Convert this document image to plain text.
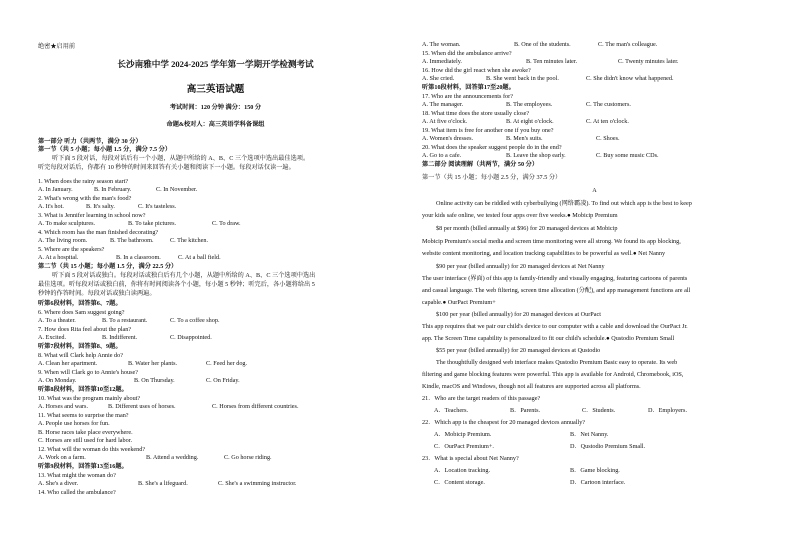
绝密★启用前
长沙南雅中学 2024-2025 学年第一学期开学检测考试
高三英语试题
考试时间：120 分钟 满分：150 分
命题&校对人：高三英语学科备课组
第一部分 听力（共两节，满分 30 分）
第一节（共 5 小题；每小题 1.5 分，满分 7.5 分）
听下面 5 段对话，每段对话后有一个小题，从题中所给的 A、B、C 三个选项中选出最佳选项。
听完每段对话后，你都有 10 秒钟的时间来回答有关小题和阅读下一小题。每段对话仅读一遍。
1. When does the rainy season start?
A. In January.	B. In February.	C. In November.
2. What's wrong with the man's food?
A. It's hot.	B. It's salty.	C. It's tasteless.
3. What is Jennifer learning in school now?
A. To make sculptures.	B. To take pictures.	C. To draw.
4. Which room has the man finished decorating?
A. The living room.	B. The bathroom.	C. The kitchen.
5. Where are the speakers?
A. At a hospital.	B. In a classroom.	C. At a ball field.
第二节（共 15 小题；每小题 1.5 分，满分 22.5 分）
听下面 5 段对话或独白。每段对话或独白后有几个小题，从题中所给的 A、B、C 三个选项中选出
最佳选项。听每段对话或独白前，你将有时间阅读各个小题，每小题 5 秒钟；听完后，各小题将给出 5
秒钟的作答时间。每段对话或独白读两遍。
听第6段材料，回答第6、7题。
6. Where does Sam suggest going?
A. To a theater.	B. To a restaurant.	C. To a coffee shop.
7. How does Rita feel about the plan?
A. Excited.	B. Indifferent.	C. Disappointed.
听第7段材料，回答第8、9题。
8. What will Clark help Annie do?
A. Clean her apartment.	B. Water her plants.	C. Feed her dog.
9. When will Clark go to Annie's house?
A. On Monday.	B. On Thursday.	C. On Friday.
听第8段材料，回答第10至12题。
10. What was the program mainly about?
A. Horses and wars.	B. Different uses of horses.	C. Horses from different countries.
11. What seems to surprise the man?
A. People use horses for fun.
B. Horse races take place everywhere.
C. Horses are still used for hard labor.
12. What will the woman do this weekend?
A. Work on a farm.	B. Attend a wedding.	C. Go horse riding.
听第9段材料，回答第13至16题。
13. What might the woman do?
A. She's a diver.	B. She's a lifeguard.	C. She's a swimming instructor.
14. Who called the ambulance?
A. The woman.	B. One of the students.	C. The man's colleague.
15. When did the ambulance arrive?
A. Immediately.	B. Ten minutes later.	C. Twenty minutes later.
16. How did the girl react when she awoke?
A. She cried.	B. She went back in the pool.	C. She didn't know what happened.
听第10段材料，回答第17至20题。
17. Who are the announcements for?
A. The manager.	B. The employees.	C. The customers.
18. What time does the store usually close?
A. At five o'clock.	B. At eight o'clock.	C. At ten o'clock.
19. What item is free for another one if you buy one?
A. Women's dresses.	B. Men's suits.	C. Shoes.
20. What does the speaker suggest people do in the end?
A. Go to a cafe.	B. Leave the shop early.	C. Buy some music CDs.
第二部分 阅读理解（共两节，满分 50 分）
第一节（共 15 小题；每小题 2.5 分，满分 37.5 分）
A
Online activity can be riddled with cyberbullying (网络霸凌). To find out which app is the best to keep
your kids safe online, we tested four apps over five weeks.● Mobicip Premium
$8 per month (billed annually at $96) for 20 managed devices at Mobicip
Mobicip Premium's social media and screen time monitoring were all strong. We found its app blocking,
website content monitoring, and location tracking capabilities to be powerful as well.● Net Nanny
$90 per year (billed annually) for 20 managed devices at Net Nanny
The user interface (界面) of this app is family-friendly and visually engaging, featuring cartoons of parents
and casual language. The web filtering, screen time allocation (分配), and app management functions are all
capable.● OurPact Premium+
$100 per year (billed annually) for 20 managed devices at OurPact
This app requires that we pair our child's device to our computer with a cable and download the OurPact Jr.
app. The Screen Time capability is personalized to fit our child's schedule.● Qustodio Premium Small
$55 per year (billed annually) for 20 managed devices at Qustodio
The thoughtfully designed web interface makes Qustodio Premium Basic easy to operate. Its web
filtering and game blocking features were powerful. This app is available for Android, Chromebook, iOS,
Kindle, macOS and Windows, though not all features are supported across all platforms.
21．Who are the target readers of this passage?
A．Teachers.	B．Parents.	C．Students.	D．Employers.
22．Which app is the cheapest for 20 managed devices annually?
A．Mobicip Premium.	B．Net Nanny.
C．OurPact Premium+.	D．Qustodio Premium Small.
23．What is special about Net Nanny?
A．Location tracking.	B．Game blocking.
C．Content storage.	D．Cartoon interface.
